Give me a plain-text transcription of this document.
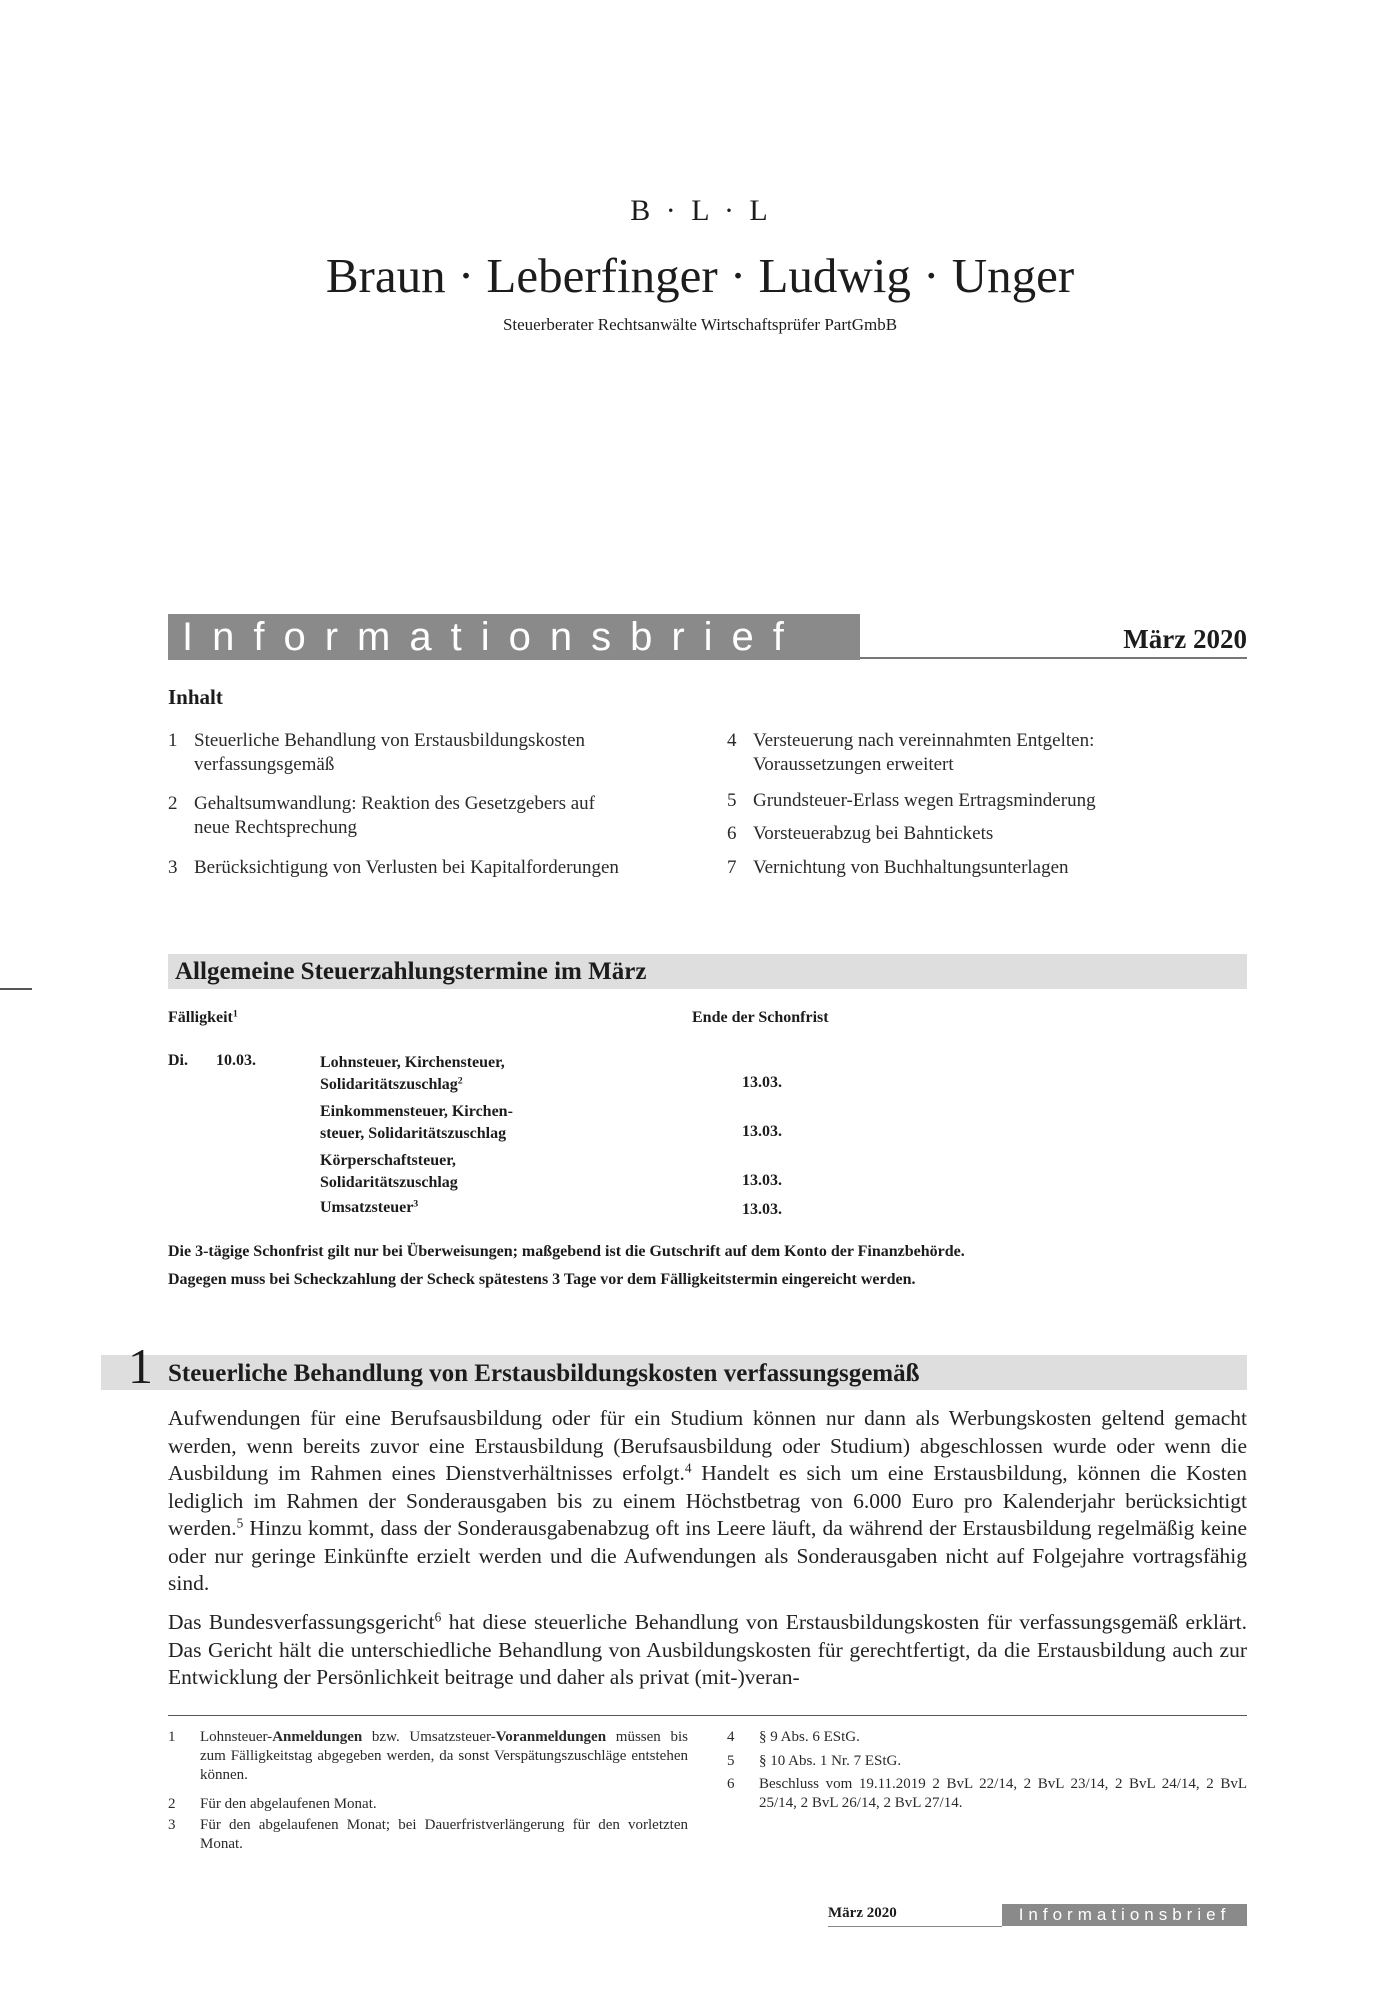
B · L · L
Braun · Leberfinger · Ludwig · Unger
Steuerberater Rechtsanwälte Wirtschaftsprüfer PartGmbB
Informationsbrief	März 2020
Inhalt
1 Steuerliche Behandlung von Erstausbildungskosten
verfassungsgemäß
2 Gehaltsumwandlung: Reaktion des Gesetzgebers auf
neue Rechtsprechung
3 Berücksichtigung von Verlusten bei Kapitalforderungen
4 Versteuerung nach vereinnahmten Entgelten:
Voraussetzungen erweitert
5 Grundsteuer-Erlass wegen Ertragsminderung
6 Vorsteuerabzug bei Bahntickets
7 Vernichtung von Buchhaltungsunterlagen
Allgemeine Steuerzahlungstermine im März
Fälligkeit$^1$	Ende der Schonfrist
Di. 10.03.	Lohnsteuer, Kirchensteuer,
Solidaritätszuschlag$^2$	13.03.
Einkommensteuer, Kirchen-
steuer, Solidaritätszuschlag	13.03.
Körperschaftsteuer,
Solidaritätszuschlag	13.03.
Umsatzsteuer$^3$	13.03.
Die 3-tägige Schonfrist gilt nur bei Überweisungen; maßgebend ist die Gutschrift auf dem Konto der Finanzbehörde.
Dagegen muss bei Scheckzahlung der Scheck spätestens 3 Tage vor dem Fälligkeitstermin eingereicht werden.
1 Steuerliche Behandlung von Erstausbildungskosten verfassungsgemäß
Aufwendungen für eine Berufsausbildung oder für ein Studium können nur dann als Werbungskosten geltend gemacht werden, wenn bereits zuvor eine Erstausbildung (Berufsausbildung oder Studium) abgeschlossen wurde oder wenn die Ausbildung im Rahmen eines Dienstverhältnisses erfolgt.$^4$ Handelt es sich um eine Erstausbildung, können die Kosten lediglich im Rahmen der Sonderausgaben bis zu einem Höchstbetrag von 6.000 Euro pro Kalenderjahr berücksichtigt werden.$^5$ Hinzu kommt, dass der Sonderausgabenabzug oft ins Leere läuft, da während der Erstausbildung regelmäßig keine oder nur geringe Einkünfte erzielt werden und die Aufwendungen als Sonderausgaben nicht auf Folgejahre vortragsfähig sind.
Das Bundesverfassungsgericht$^6$ hat diese steuerliche Behandlung von Erstausbildungskosten für verfassungsgemäß erklärt. Das Gericht hält die unterschiedliche Behandlung von Ausbildungskosten für gerechtfertigt, da die Erstausbildung auch zur Entwicklung der Persönlichkeit beitrage und daher als privat (mit-)veran-
1 Lohnsteuer-Anmeldungen bzw. Umsatzsteuer-Voranmeldungen müssen bis zum Fälligkeitstag abgegeben werden, da sonst Verspätungszuschläge entstehen können.
2 Für den abgelaufenen Monat.
3 Für den abgelaufenen Monat; bei Dauerfristverlängerung für den vorletzten Monat.
4 § 9 Abs. 6 EStG.
5 § 10 Abs. 1 Nr. 7 EStG.
6 Beschluss vom 19.11.2019 2 BvL 22/14, 2 BvL 23/14, 2 BvL 24/14, 2 BvL 25/14, 2 BvL 26/14, 2 BvL 27/14.
März 2020	Informationsbrief
